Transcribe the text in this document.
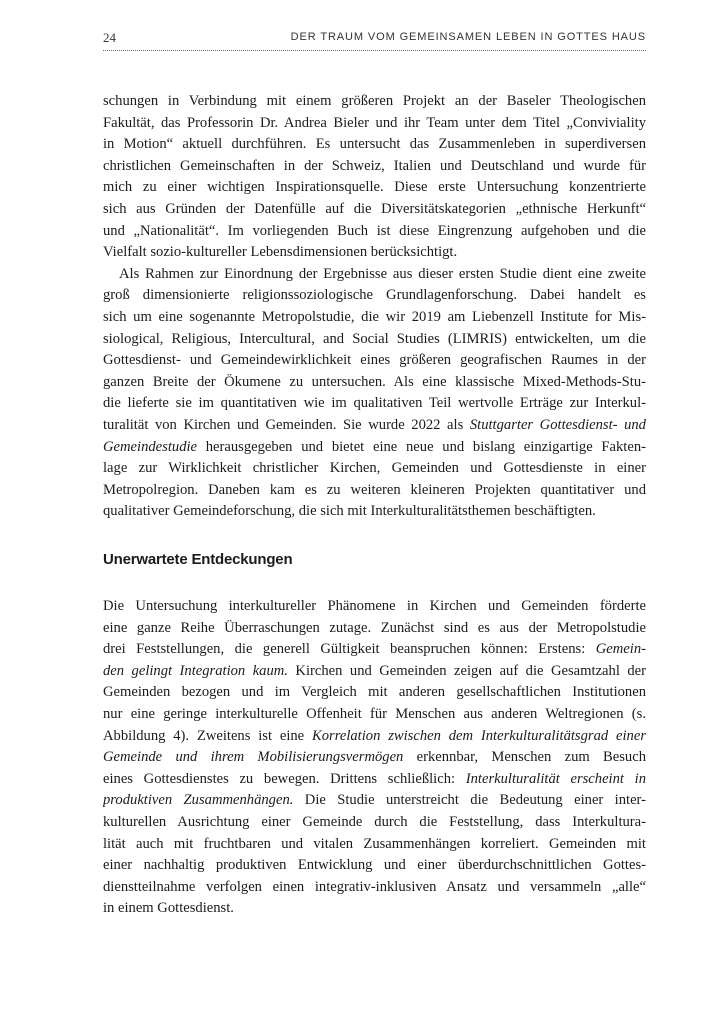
24	DER TRAUM VOM GEMEINSAMEN LEBEN IN GOTTES HAUS
schungen in Verbindung mit einem größeren Projekt an der Baseler Theologischen
Fakultät, das Professorin Dr. Andrea Bieler und ihr Team unter dem Titel „Conviviality
in Motion“ aktuell durchführen. Es untersucht das Zusammenleben in superdiversen
christlichen Gemeinschaften in der Schweiz, Italien und Deutschland und wurde für
mich zu einer wichtigen Inspirationsquelle. Diese erste Untersuchung konzentrierte
sich aus Gründen der Datenfülle auf die Diversitätskategorien „ethnische Herkunft“
und „Nationalität“. Im vorliegenden Buch ist diese Eingrenzung aufgehoben und die
Vielfalt sozio-kultureller Lebensdimensionen berücksichtigt.
Als Rahmen zur Einordnung der Ergebnisse aus dieser ersten Studie dient eine zweite
groß dimensionierte religionssoziologische Grundlagenforschung. Dabei handelt es
sich um eine sogenannte Metropolstudie, die wir 2019 am Liebenzell Institute for Mis-
siological, Religious, Intercultural, and Social Studies (LIMRIS) entwickelten, um die
Gottesdienst- und Gemeindewirklichkeit eines größeren geografischen Raumes in der
ganzen Breite der Ökumene zu untersuchen. Als eine klassische Mixed-Methods-Stu-
die lieferte sie im quantitativen wie im qualitativen Teil wertvolle Erträge zur Interkul-
turalität von Kirchen und Gemeinden. Sie wurde 2022 als Stuttgarter Gottesdienst- und
Gemeindestudie herausgegeben und bietet eine neue und bislang einzigartige Fakten-
lage zur Wirklichkeit christlicher Kirchen, Gemeinden und Gottesdienste in einer
Metropolregion. Daneben kam es zu weiteren kleineren Projekten quantitativer und
qualitativer Gemeindeforschung, die sich mit Interkulturalitätsthemen beschäftigten.
Unerwartete Entdeckungen
Die Untersuchung interkultureller Phänomene in Kirchen und Gemeinden förderte
eine ganze Reihe Überraschungen zutage. Zunächst sind es aus der Metropolstudie
drei Feststellungen, die generell Gültigkeit beanspruchen können: Erstens: Gemein-
den gelingt Integration kaum. Kirchen und Gemeinden zeigen auf die Gesamtzahl der
Gemeinden bezogen und im Vergleich mit anderen gesellschaftlichen Institutionen
nur eine geringe interkulturelle Offenheit für Menschen aus anderen Weltregionen (s.
Abbildung 4). Zweitens ist eine Korrelation zwischen dem Interkulturalitätsgrad einer
Gemeinde und ihrem Mobilisierungsvermögen erkennbar, Menschen zum Besuch
eines Gottesdienstes zu bewegen. Drittens schließlich: Interkulturalität erscheint in
produktiven Zusammenhängen. Die Studie unterstreicht die Bedeutung einer inter-
kulturellen Ausrichtung einer Gemeinde durch die Feststellung, dass Interkultura-
lität auch mit fruchtbaren und vitalen Zusammenhängen korreliert. Gemeinden mit
einer nachhaltig produktiven Entwicklung und einer überdurchschnittlichen Gottes-
dienstteilnahme verfolgen einen integrativ-inklusiven Ansatz und versammeln „alle“
in einem Gottesdienst.
